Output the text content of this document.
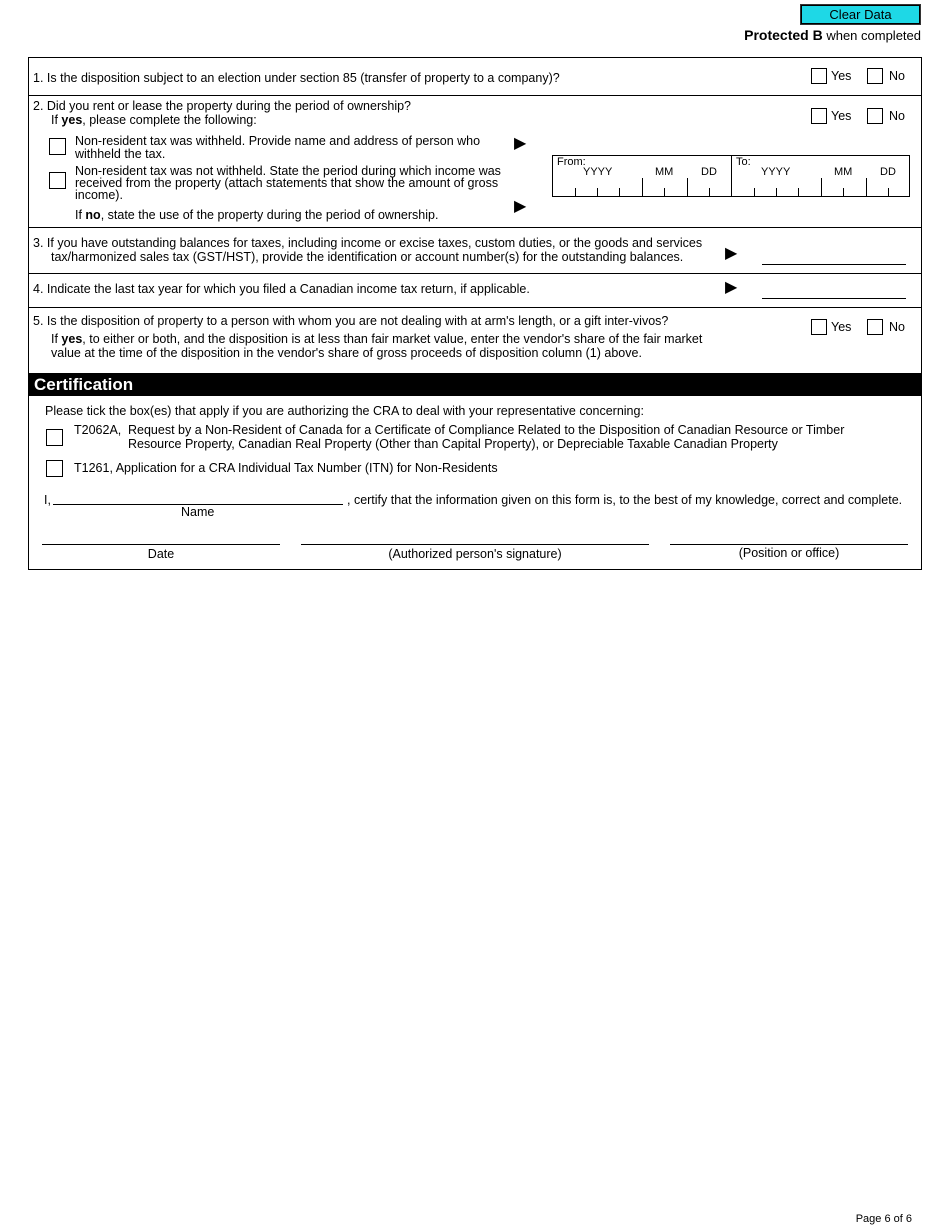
Clear Data
Protected B when completed
1. Is the disposition subject to an election under section 85 (transfer of property to a company)?	Yes	No
2. Did you rent or lease the property during the period of ownership?
If yes, please complete the following:	Yes	No
Non-resident tax was withheld. Provide name and address of person who
withheld the tax.
▶
Non-resident tax was not withheld. State the period during which income was
received from the property (attach statements that show the amount of gross
income).
From:
YYYY	MM	DD
To:
YYYY	MM	DD
If no, state the use of the property during the period of ownership.	▶
3. If you have outstanding balances for taxes, including income or excise taxes, custom duties, or the goods and services
tax/harmonized sales tax (GST/HST), provide the identification or account number(s) for the outstanding balances.	▶
4. Indicate the last tax year for which you filed a Canadian income tax return, if applicable.	▶
5. Is the disposition of property to a person with whom you are not dealing with at arm's length, or a gift inter-vivos?
If yes, to either or both, and the disposition is at less than fair market value, enter the vendor's share of the fair market
value at the time of the disposition in the vendor's share of gross proceeds of disposition column (1) above.
Yes	No
Certification
Please tick the box(es) that apply if you are authorizing the CRA to deal with your representative concerning:
T2062A, Request by a Non-Resident of Canada for a Certificate of Compliance Related to the Disposition of Canadian Resource or Timber
Resource Property, Canadian Real Property (Other than Capital Property), or Depreciable Taxable Canadian Property
T1261, Application for a CRA Individual Tax Number (ITN) for Non-Residents
I,	, certify that the information given on this form is, to the best of my knowledge, correct and complete.
Name
Date	(Authorized person's signature)	(Position or office)
Page 6 of 6
